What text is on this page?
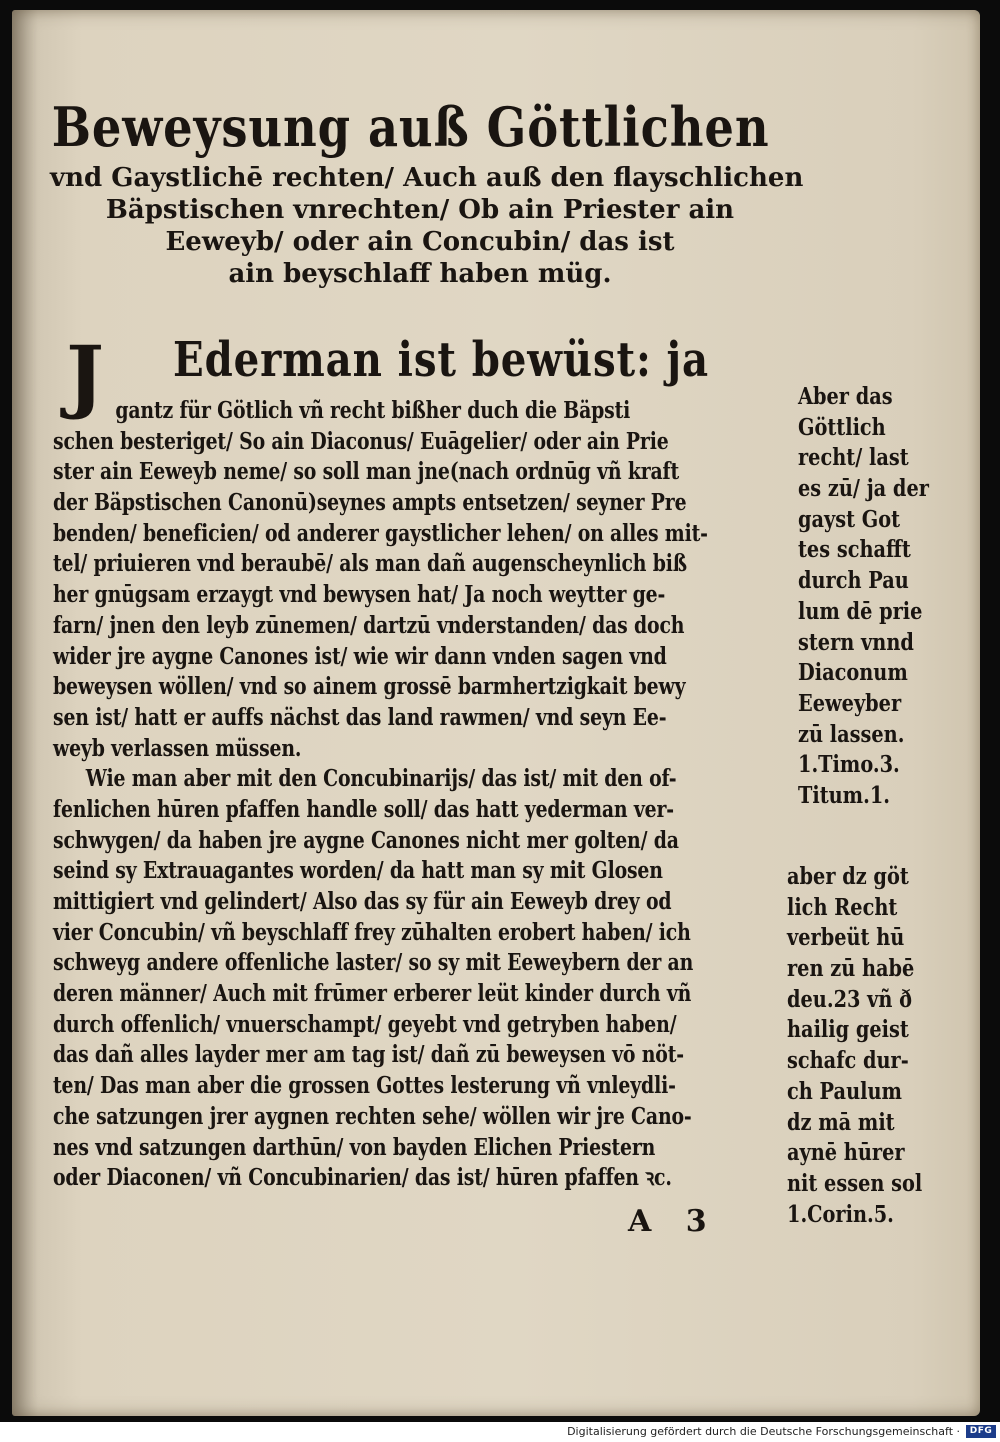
Beweysung auß Göttlichen
vnd Gaystlichē rechten/ Auch auß den flayschlichen
Bäpstischen vnrechten/ Ob ain Priester ain
Eeweyb/ oder ain Concubin/ das ist
ain beyschlaff haben müg.
J Ederman ist bewüst: ja
gantz für Götlich vñ recht bißher duch die Bäpsti
schen besteriget/ So ain Diaconus/ Euāgelier/ oder ain Prie
ster ain Eeweyb neme/ so soll man jne(nach ordnūg vñ kraft
der Bäpstischen Canonū)seynes ampts entsetzen/ seyner Pre
benden/ beneficien/ od anderer gaystlicher lehen/ on alles mit-
tel/ priuieren vnd beraubē/ als man dañ augenscheynlich biß
her gnūgsam erzaygt vnd bewysen hat/ Ja noch weytter ge-
farn/ jnen den leyb zūnemen/ dartzū vnderstanden/ das doch
wider jre aygne Canones ist/ wie wir dann vnden sagen vnd
beweysen wöllen/ vnd so ainem grossē barmhertzigkait bewy
sen ist/ hatt er auffs nächst das land rawmen/ vnd seyn Ee-
weyb verlassen müssen.
Wie man aber mit den Concubinarijs/ das ist/ mit den of-
fenlichen hūren pfaffen handle soll/ das hatt yederman ver-
schwygen/ da haben jre aygne Canones nicht mer golten/ da
seind sy Extrauagantes worden/ da hatt man sy mit Glosen
mittigiert vnd gelindert/ Also das sy für ain Eeweyb drey od
vier Concubin/ vñ beyschlaff frey zūhalten erobert haben/ ich
schweyg andere offenliche laster/ so sy mit Eeweybern der an
deren männer/ Auch mit frūmer erberer leüt kinder durch vñ
durch offenlich/ vnuerschampt/ geyebt vnd getryben haben/
das dañ alles layder mer am tag ist/ dañ zū beweysen vō nöt-
ten/ Das man aber die grossen Gottes lesterung vñ vnleydli-
che satzungen jrer aygnen rechten sehe/ wöllen wir jre Cano-
nes vnd satzungen darthūn/ von bayden Elichen Priestern
oder Diaconen/ vñ Concubinarien/ das ist/ hūren pfaffen ꝛc.
Aber das
Göttlich
recht/ last
es zū/ ja der
gayst Got
tes schafft
durch Pau
lum dē prie
stern vnnd
Diaconum
Eeweyber
zū lassen.
1.Timo.3.
Titum.1.
aber dz göt
lich Recht
verbeüt hū
ren zū habē
deu.23 vñ ð
hailig geist
schafc dur-
ch Paulum
dz mā mit
aynē hūrer
nit essen sol
1.Corin.5.
A 3
Digitalisierung gefördert durch die Deutsche Forschungsgemeinschaft ·	DFG
